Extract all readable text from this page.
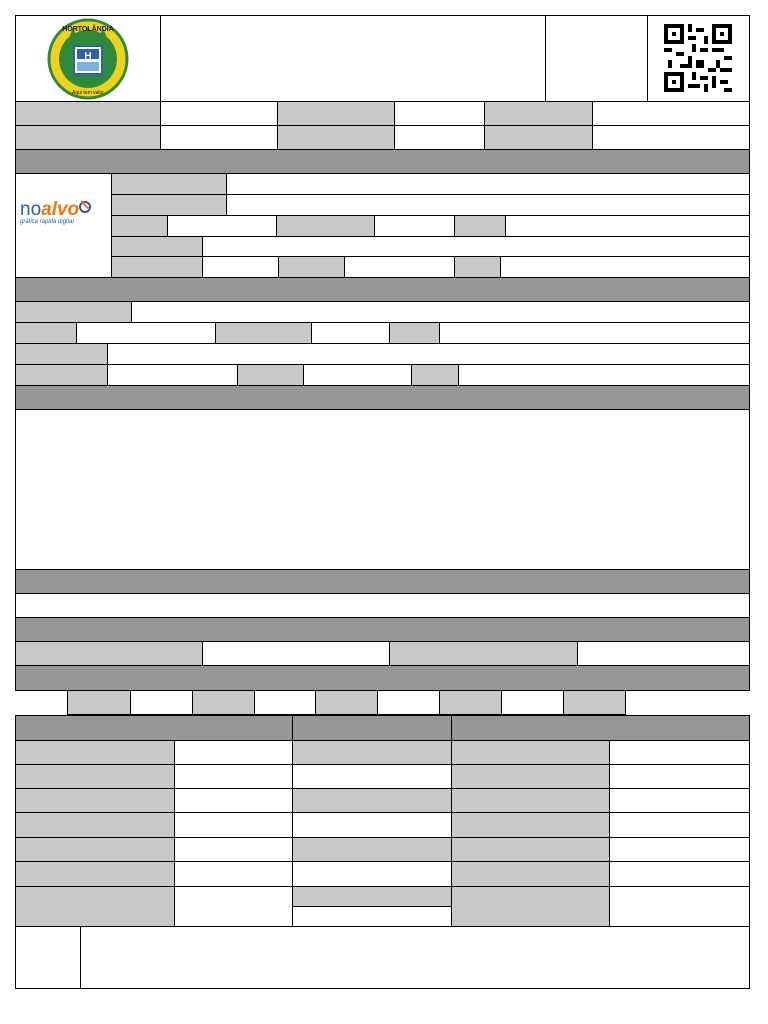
H
HORTOLÂNDIA
Aqui tem valor
noalvo
gráfica rápida digital
